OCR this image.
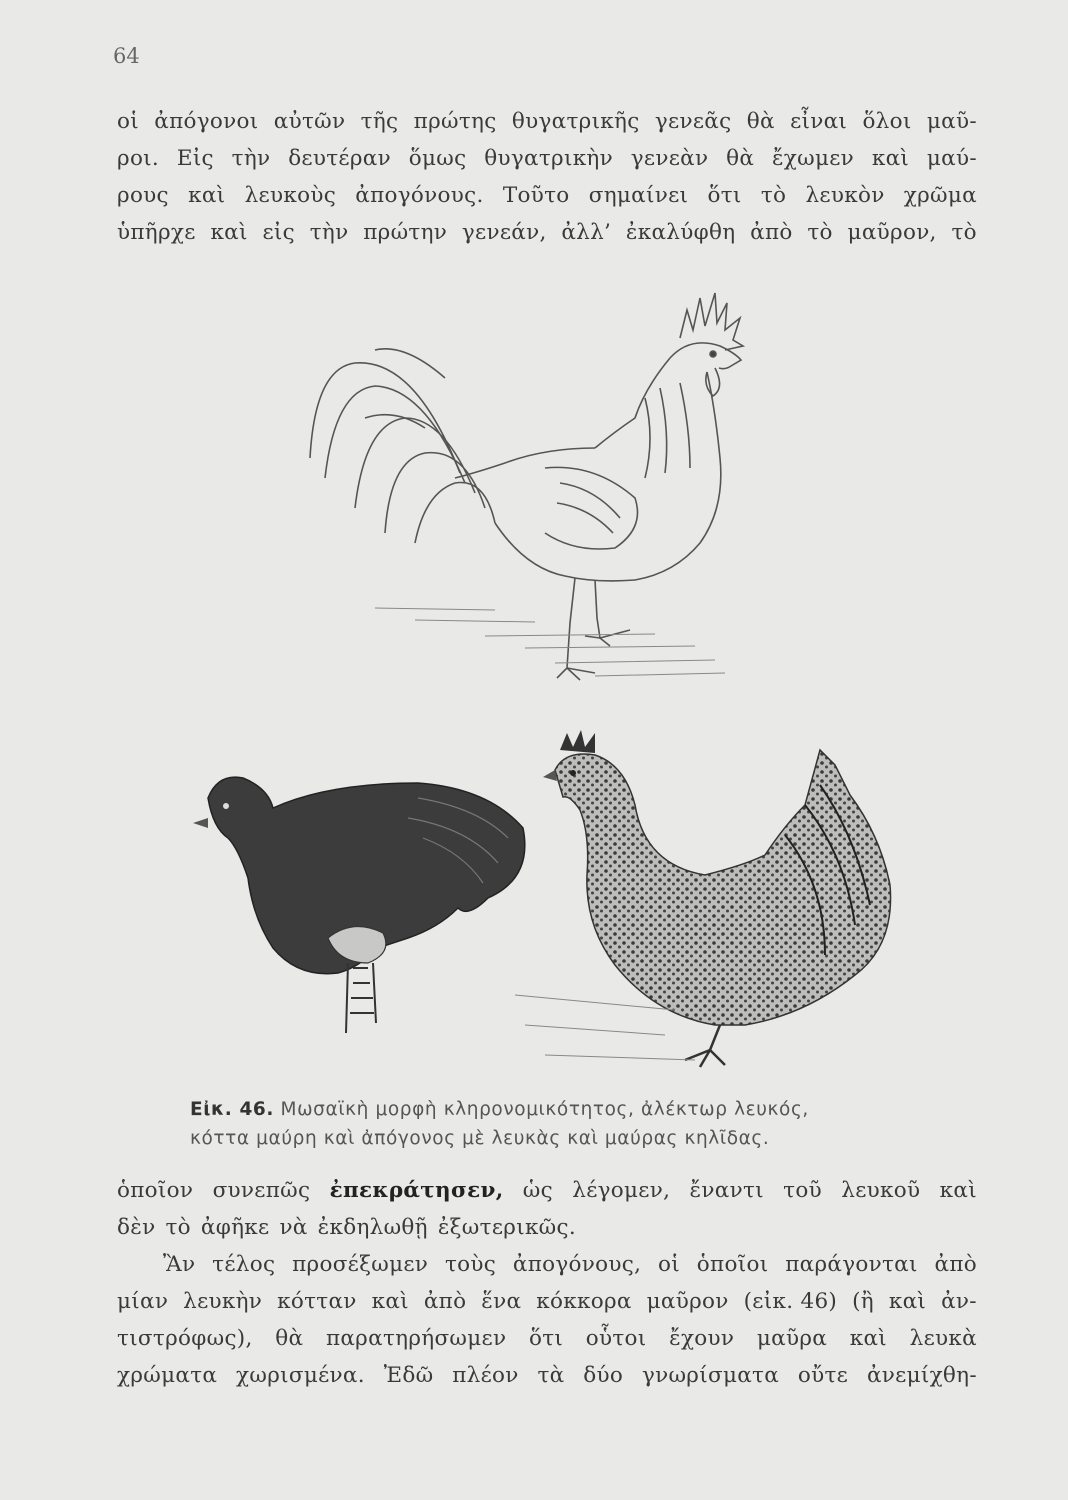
64
οἱ ἀπόγονοι αὐτῶν τῆς πρώτης θυγατρικῆς γενεᾶς θὰ εἶναι ὅλοι μαῦ-
ροι. Εἰς τὴν δευτέραν ὅμως θυγατρικὴν γενεὰν θὰ ἔχωμεν καὶ μαύ-
ρους καὶ λευκοὺς ἀπογόνους. Τοῦτο σημαίνει ὅτι τὸ λευκὸν χρῶμα
ὑπῆρχε καὶ εἰς τὴν πρώτην γενεάν, ἀλλ’ ἐκαλύφθη ἀπὸ τὸ μαῦρον, τὸ
Εἰκ. 46. Μωσαϊκὴ μορφὴ κληρονομικότητος, ἀλέκτωρ λευκός,
κόττα μαύρη καὶ ἀπόγονος μὲ λευκὰς καὶ μαύρας κηλῖδας.
ὁποῖον συνεπῶς ἐπεκράτησεν, ὡς λέγομεν, ἔναντι τοῦ λευκοῦ καὶ
δὲν τὸ ἀφῆκε νὰ ἐκδηλωθῇ ἐξωτερικῶς.
Ἂν τέλος προσέξωμεν τοὺς ἀπογόνους, οἱ ὁποῖοι παράγονται ἀπὸ
μίαν λευκὴν κότταν καὶ ἀπὸ ἕνα κόκκορα μαῦρον (εἰκ. 46) (ἢ καὶ ἀν-
τιστρόφως), θὰ παρατηρήσωμεν ὅτι οὗτοι ἔχουν μαῦρα καὶ λευκὰ
χρώματα χωρισμένα. Ἐδῶ πλέον τὰ δύο γνωρίσματα οὔτε ἀνεμίχθη-
